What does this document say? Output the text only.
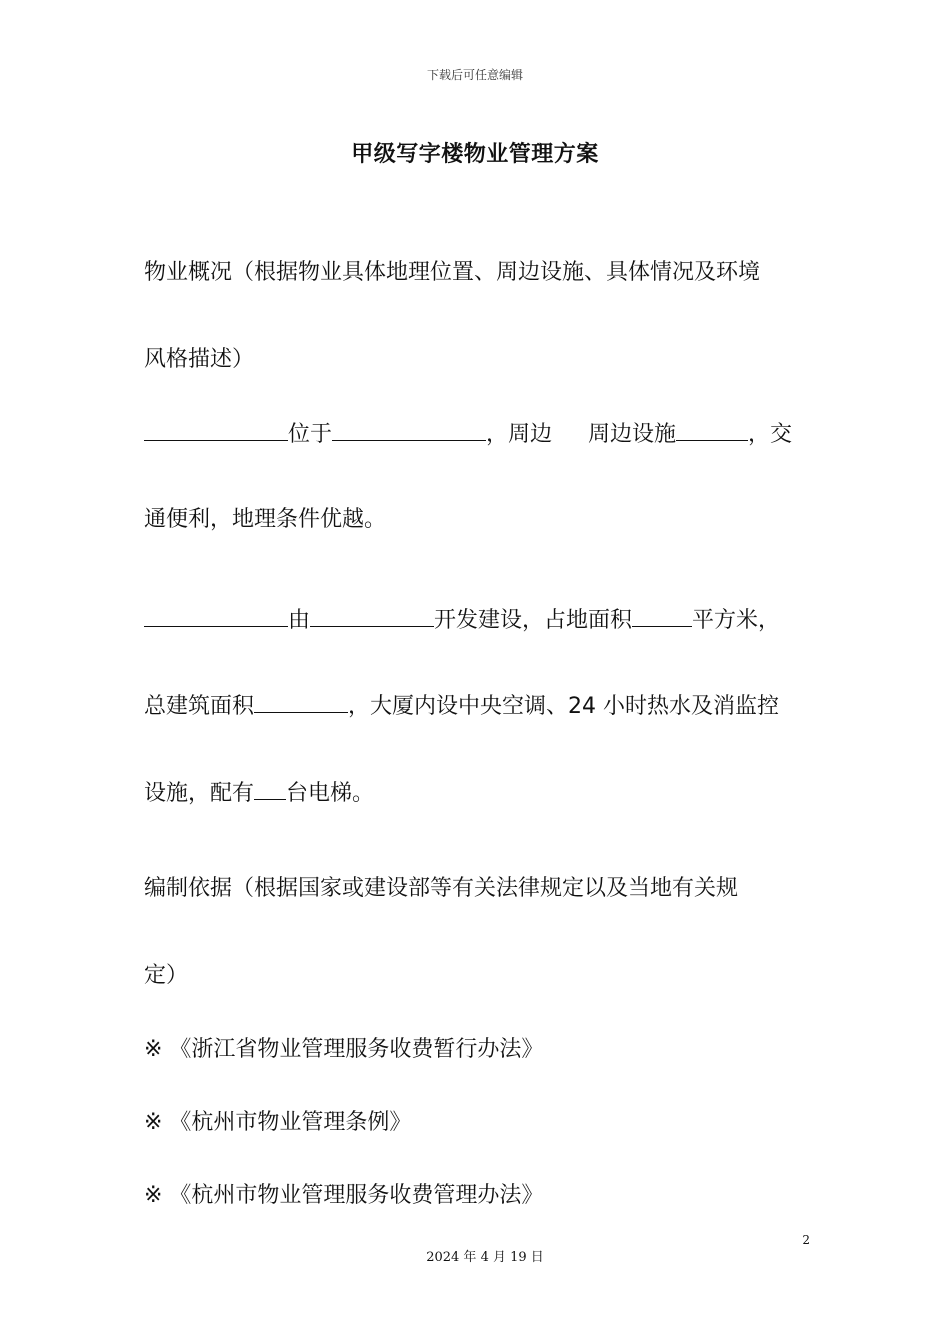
下载后可任意编辑
甲级写字楼物业管理方案
物业概况（根据物业具体地理位置、周边设施、具体情况及环境
风格描述）
位于	，周边 周边设施	，交
通便利，地理条件优越。
由	开发建设，占地面积	平方米，
总建筑面积	，大厦内设中央空调、24 小时热水及消监控
设施，配有 台电梯。
编制依据（根据国家或建设部等有关法律规定以及当地有关规
定）
※ 《浙江省物业管理服务收费暂行办法》
※ 《杭州市物业管理条例》
※ 《杭州市物业管理服务收费管理办法》
2
2024 年 4 月 19 日
